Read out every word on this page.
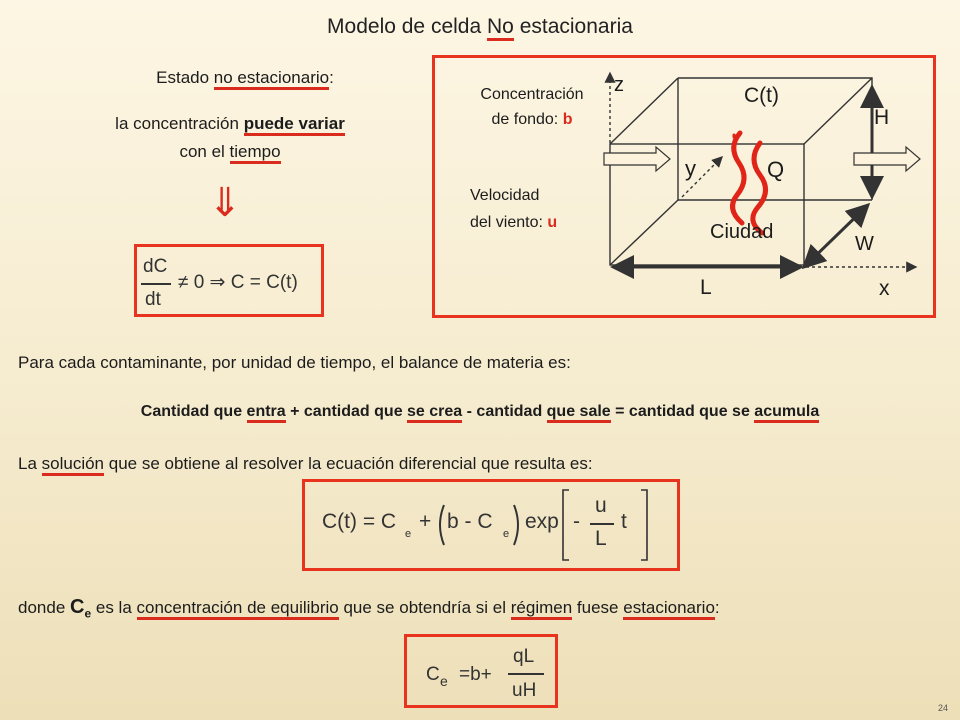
Modelo de celda No estacionaria
Estado no estacionario:
la concentración puede variar
con el tiempo
⇓
dC
dt
≠ 0 ⇒ C = C(t)
Concentración
de fondo: b
Velocidad
del viento: u
z	C(t)
H
y	Q
Ciudad
W
L	x
Para cada contaminante, por unidad de tiempo, el balance de materia es:
Cantidad que entra + cantidad que se crea - cantidad que sale = cantidad que se acumula
La solución que se obtiene al resolver la ecuación diferencial que resulta es:
C(t) = C
e
+ b - C
e
exp -
u
L
t
donde $C_e$ es la concentración de equilibrio que se obtendría si el régimen fuese estacionario:
C e =b+
qL
uH
24
